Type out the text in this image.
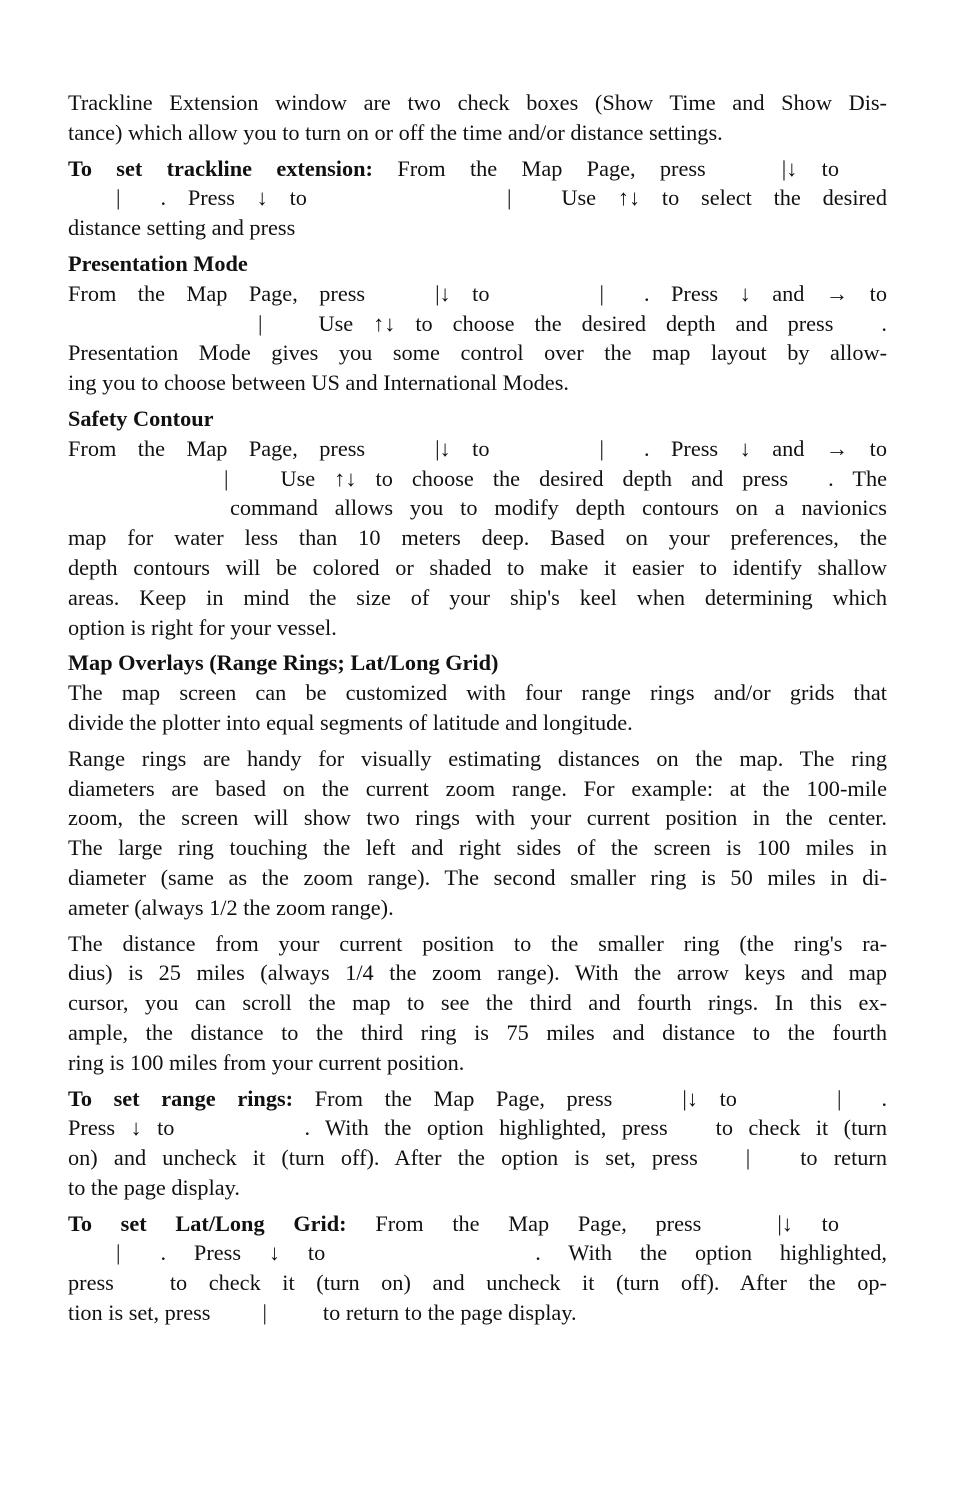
Trackline Extension window are two check boxes (Show Time and Show Dis-
tance) which allow you to turn on or off the time and/or distance settings.

To set trackline extension: From the Map Page, press	|↓ to
| . Press ↓ to	| Use ↑↓ to select the desired
distance setting and press

Presentation Mode

From the Map Page, press	|↓ to	| . Press ↓ and → to
|	Use ↑↓ to choose the desired depth and press .
Presentation Mode gives you some control over the map layout by allow-
ing you to choose between US and International Modes.

Safety Contour

From the Map Page, press	|↓ to	| . Press ↓ and → to
| Use ↑↓ to choose the desired depth and press . The
command allows you to modify depth contours on a navionics
map for water less than 10 meters deep. Based on your preferences, the
depth contours will be colored or shaded to make it easier to identify shallow
areas. Keep in mind the size of your ship's keel when determining which
option is right for your vessel.

Map Overlays (Range Rings; Lat/Long Grid)

The map screen can be customized with four range rings and/or grids that
divide the plotter into equal segments of latitude and longitude.

Range rings are handy for visually estimating distances on the map. The ring
diameters are based on the current zoom range. For example: at the 100-mile
zoom, the screen will show two rings with your current position in the center.
The large ring touching the left and right sides of the screen is 100 miles in
diameter (same as the zoom range). The second smaller ring is 50 miles in di-
ameter (always 1/2 the zoom range).

The distance from your current position to the smaller ring (the ring's ra-
dius) is 25 miles (always 1/4 the zoom range). With the arrow keys and map
cursor, you can scroll the map to see the third and fourth rings. In this ex-
ample, the distance to the third ring is 75 miles and distance to the fourth
ring is 100 miles from your current position.

To set range rings: From the Map Page, press	|↓ to	| .
Press ↓ to	. With the option highlighted, press to check it (turn
on) and uncheck it (turn off). After the option is set, press | to return
to the page display.

To set Lat/Long Grid: From the Map Page, press	|↓ to
| . Press ↓ to	. With the option highlighted,
press	to check it (turn on) and uncheck it (turn off). After the op-
tion is set, press |	to return to the page display.
